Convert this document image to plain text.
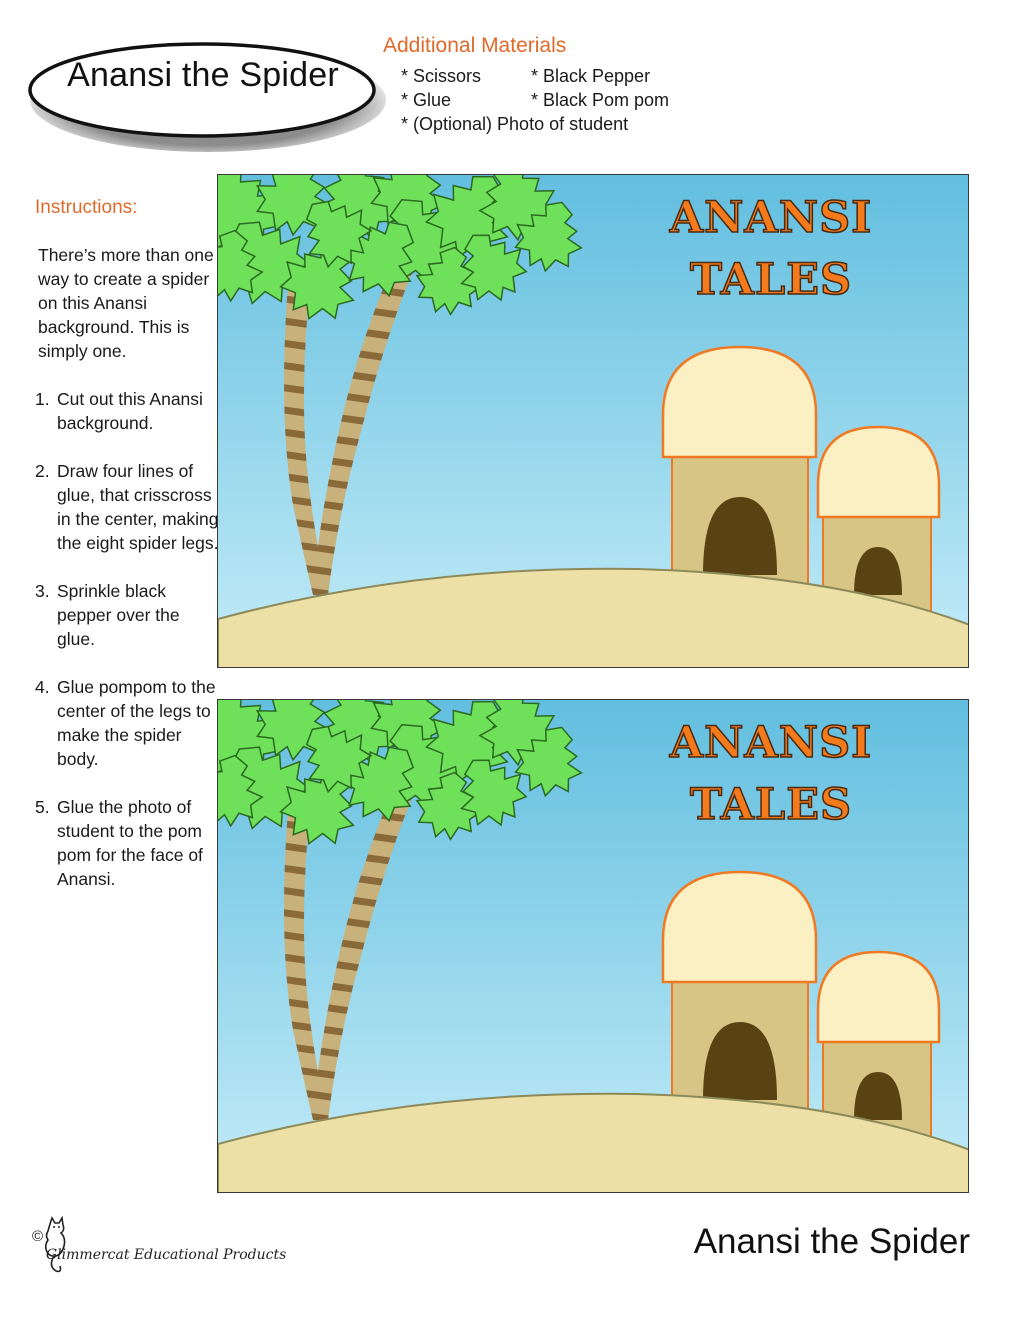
Anansi the Spider
Additional Materials
* Scissors
* Glue
* Black Pepper
* Black Pom pom
* (Optional) Photo of student
Instructions:
There’s more than one way to create a spider on this Anansi background. This is simply one.
1. Cut out this Anansi background.
2. Draw four lines of glue, that crisscross in the center, making the eight spider legs.
3. Sprinkle black pepper over the glue.
4. Glue pompom to the center of the legs to make the spider body.
5. Glue the photo of student to the pom pom for the face of Anansi.
ANANSI
TALES
ANANSI
TALES
©
Glimmercat Educational Products	Anansi the Spider
